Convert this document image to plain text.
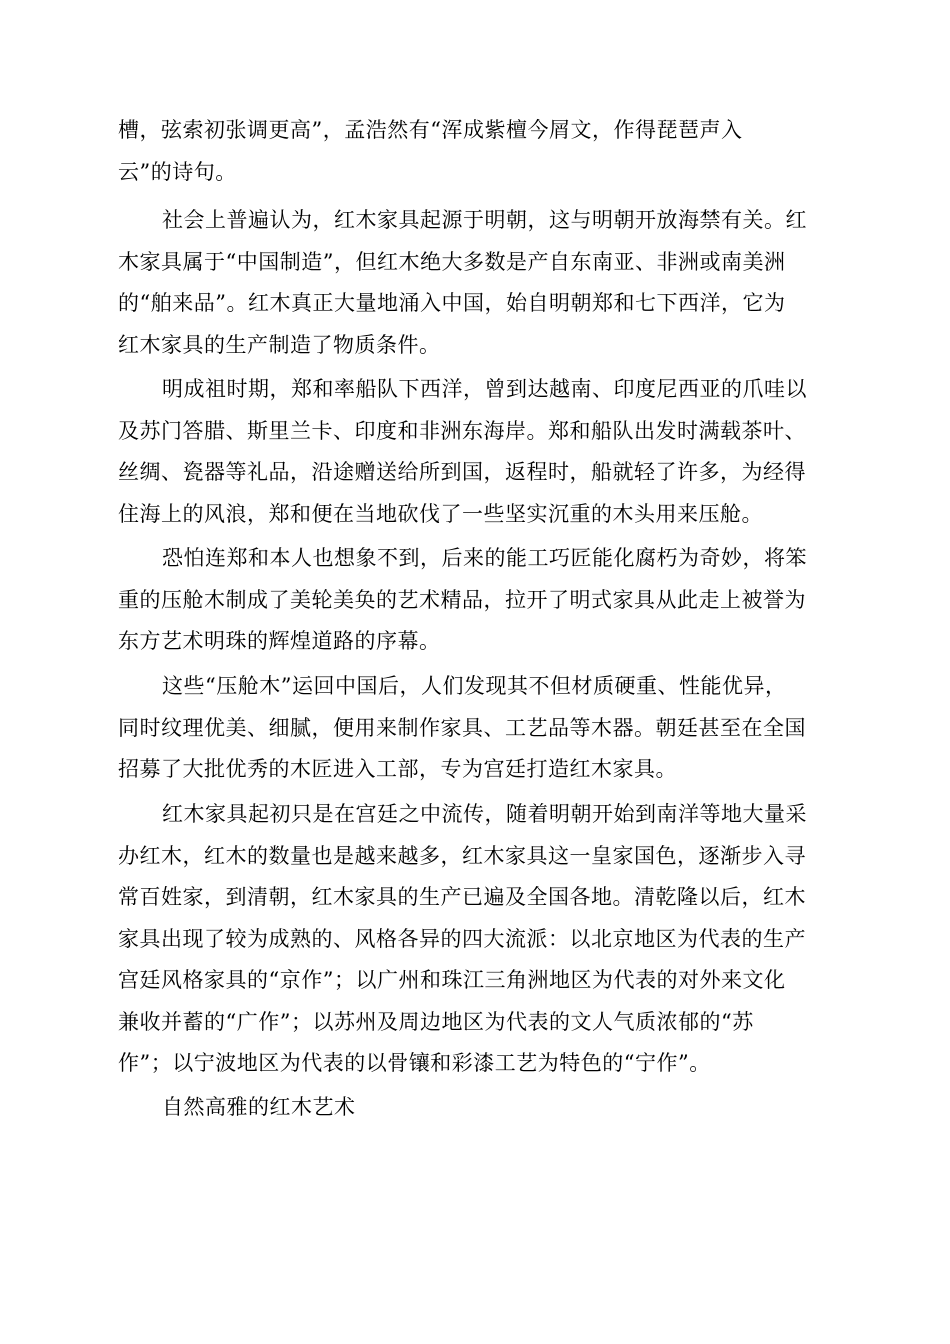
槽，弦索初张调更高”，孟浩然有“浑成紫檀今屑文，作得琵琶声入
云”的诗句。

社会上普遍认为，红木家具起源于明朝，这与明朝开放海禁有关。红
木家具属于“中国制造”，但红木绝大多数是产自东南亚、非洲或南美洲
的“舶来品”。红木真正大量地涌入中国，始自明朝郑和七下西洋，它为
红木家具的生产制造了物质条件。

明成祖时期，郑和率船队下西洋，曾到达越南、印度尼西亚的爪哇以
及苏门答腊、斯里兰卡、印度和非洲东海岸。郑和船队出发时满载茶叶、
丝绸、瓷器等礼品，沿途赠送给所到国，返程时，船就轻了许多，为经得
住海上的风浪，郑和便在当地砍伐了一些坚实沉重的木头用来压舱。

恐怕连郑和本人也想象不到，后来的能工巧匠能化腐朽为奇妙，将笨
重的压舱木制成了美轮美奂的艺术精品，拉开了明式家具从此走上被誉为
东方艺术明珠的辉煌道路的序幕。

这些“压舱木”运回中国后，人们发现其不但材质硬重、性能优异，
同时纹理优美、细腻，便用来制作家具、工艺品等木器。朝廷甚至在全国
招募了大批优秀的木匠进入工部，专为宫廷打造红木家具。

红木家具起初只是在宫廷之中流传，随着明朝开始到南洋等地大量采
办红木，红木的数量也是越来越多，红木家具这一皇家国色，逐渐步入寻
常百姓家，到清朝，红木家具的生产已遍及全国各地。清乾隆以后，红木
家具出现了较为成熟的、风格各异的四大流派：以北京地区为代表的生产
宫廷风格家具的“京作”；以广州和珠江三角洲地区为代表的对外来文化
兼收并蓄的“广作”；以苏州及周边地区为代表的文人气质浓郁的“苏
作”；以宁波地区为代表的以骨镶和彩漆工艺为特色的“宁作”。

自然高雅的红木艺术
